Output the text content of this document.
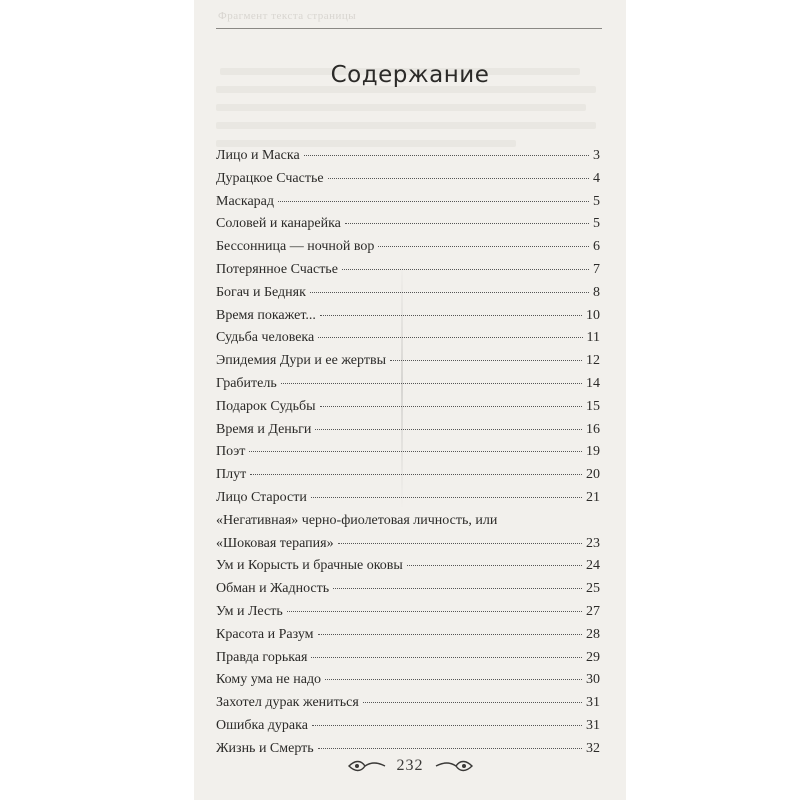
Фрагмент текста страницы
Содержание
Лицо и Маска	3
Дурацкое Счастье	4
Маскарад	5
Соловей и канарейка	5
Бессонница — ночной вор	6
Потерянное Счастье	7
Богач и Бедняк	8
Время покажет...	10
Судьба человека	11
Эпидемия Дури и ее жертвы	12
Грабитель	14
Подарок Судьбы	15
Время и Деньги	16
Поэт	19
Плут	20
Лицо Старости	21
«Негативная» черно-фиолетовая личность, или
«Шоковая терапия»	23
Ум и Корысть и брачные оковы	24
Обман и Жадность	25
Ум и Лесть	27
Красота и Разум	28
Правда горькая	29
Кому ума не надо	30
Захотел дурак жениться	31
Ошибка дурака	31
Жизнь и Смерть	32
232
